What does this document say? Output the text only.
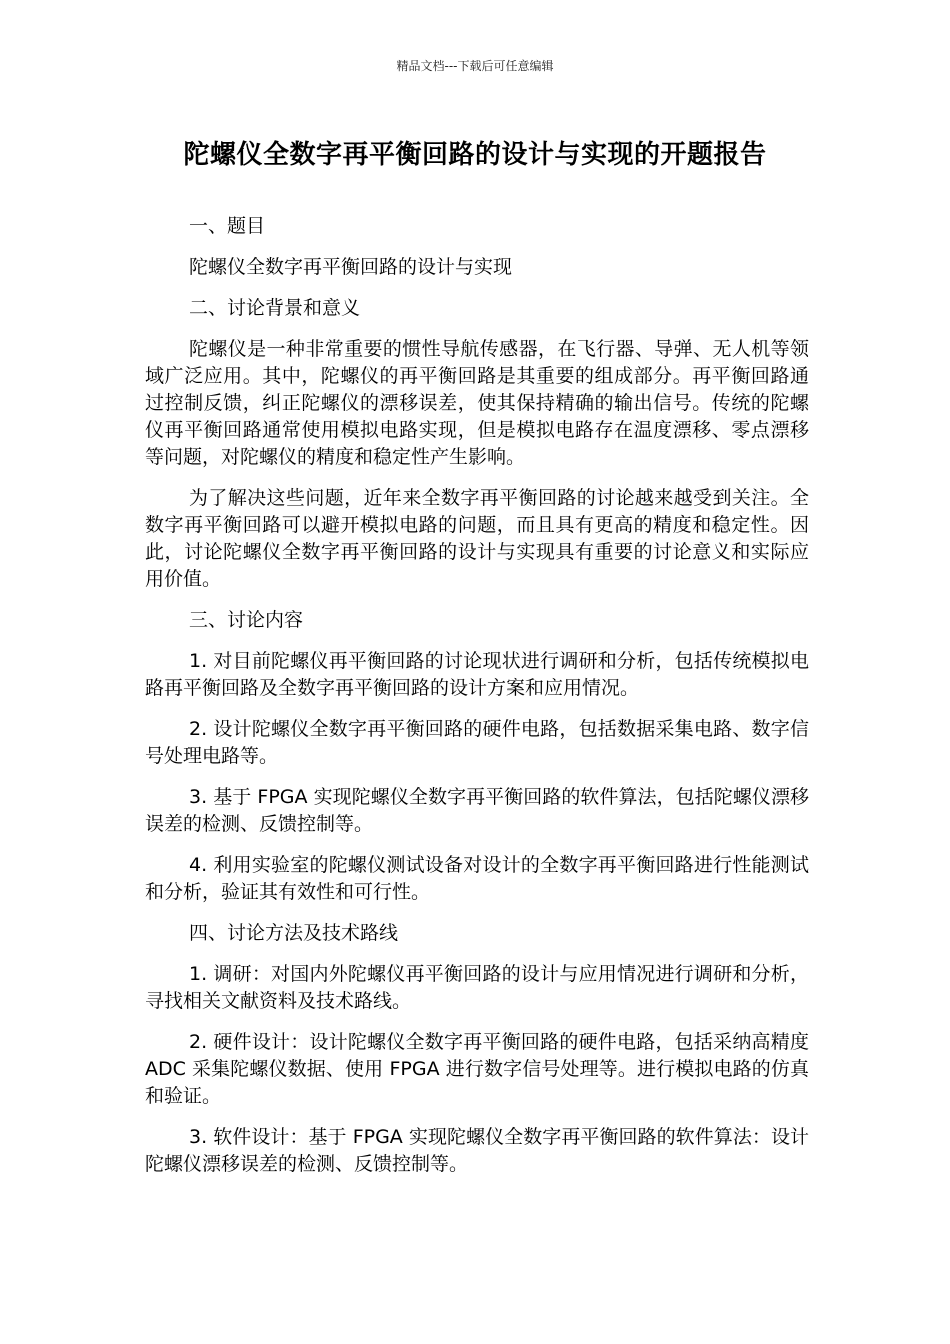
精品文档---下载后可任意编辑
陀螺仪全数字再平衡回路的设计与实现的开题报告

一、题目

陀螺仪全数字再平衡回路的设计与实现

二、讨论背景和意义

陀螺仪是一种非常重要的惯性导航传感器，在飞行器、导弹、无人机等领域广泛应用。其中，陀螺仪的再平衡回路是其重要的组成部分。再平衡回路通过控制反馈，纠正陀螺仪的漂移误差，使其保持精确的输出信号。传统的陀螺仪再平衡回路通常使用模拟电路实现，但是模拟电路存在温度漂移、零点漂移等问题，对陀螺仪的精度和稳定性产生影响。

为了解决这些问题，近年来全数字再平衡回路的讨论越来越受到关注。全数字再平衡回路可以避开模拟电路的问题，而且具有更高的精度和稳定性。因此，讨论陀螺仪全数字再平衡回路的设计与实现具有重要的讨论意义和实际应用价值。

三、讨论内容

1. 对目前陀螺仪再平衡回路的讨论现状进行调研和分析，包括传统模拟电路再平衡回路及全数字再平衡回路的设计方案和应用情况。

2. 设计陀螺仪全数字再平衡回路的硬件电路，包括数据采集电路、数字信号处理电路等。

3. 基于 FPGA 实现陀螺仪全数字再平衡回路的软件算法，包括陀螺仪漂移误差的检测、反馈控制等。

4. 利用实验室的陀螺仪测试设备对设计的全数字再平衡回路进行性能测试和分析，验证其有效性和可行性。

四、讨论方法及技术路线

1. 调研：对国内外陀螺仪再平衡回路的设计与应用情况进行调研和分析，寻找相关文献资料及技术路线。

2. 硬件设计：设计陀螺仪全数字再平衡回路的硬件电路，包括采纳高精度 ADC 采集陀螺仪数据、使用 FPGA 进行数字信号处理等。进行模拟电路的仿真和验证。

3. 软件设计：基于 FPGA 实现陀螺仪全数字再平衡回路的软件算法：设计陀螺仪漂移误差的检测、反馈控制等。
